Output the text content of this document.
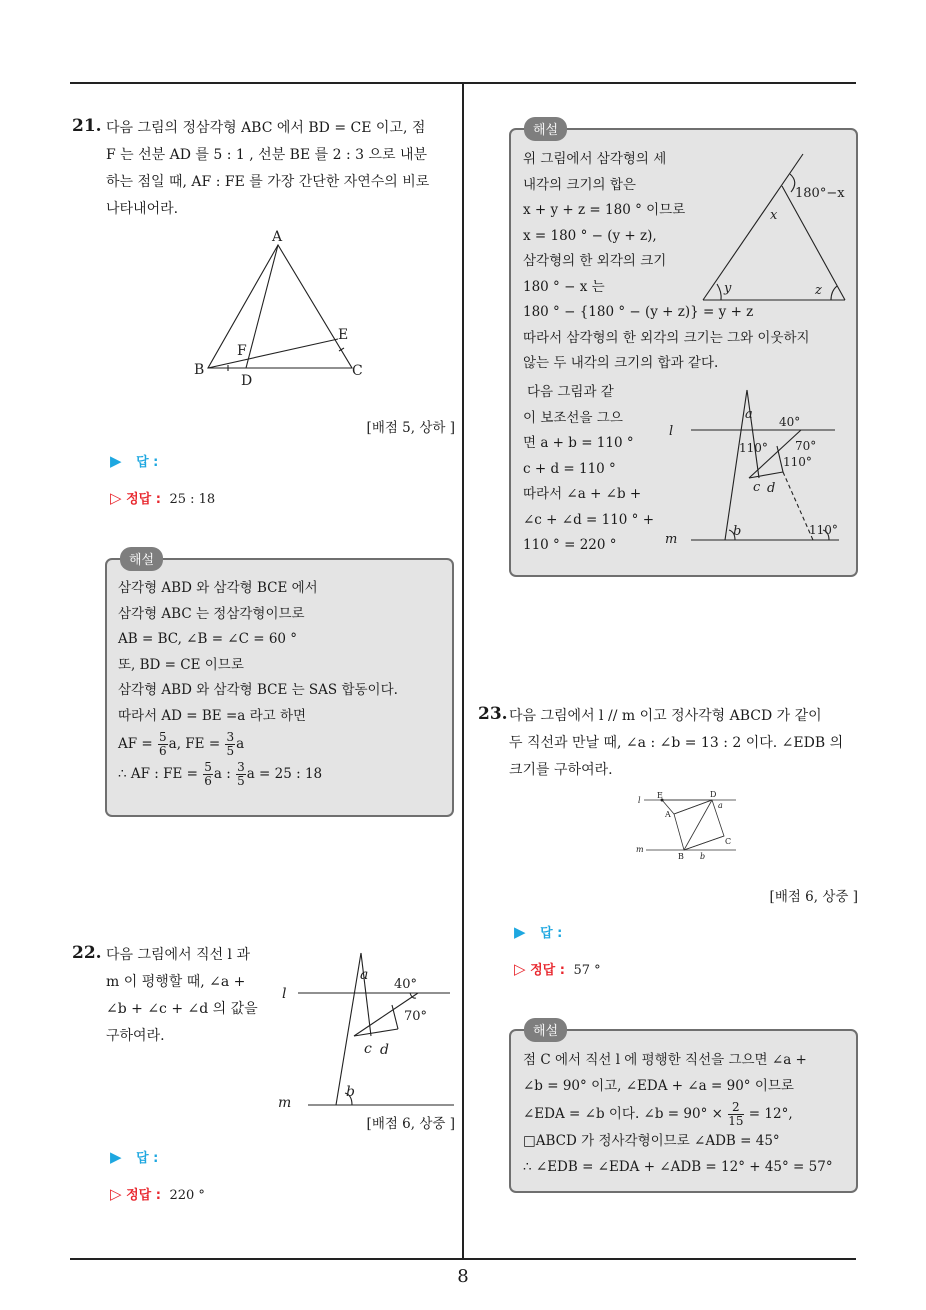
21. 다음 그림의 정삼각형 ABC 에서 BD = CE 이고, 점
F 는 선분 AD 를 5 : 1 , 선분 BE 를 2 : 3 으로 내분
하는 점일 때, AF : FE 를 가장 간단한 자연수의 비로
나타내어라.
A
B	C
D
E
F
[배점 5, 상하 ]
▶ 답 :
▷ 정답 : 25 : 18
해설
삼각형 ABD 와 삼각형 BCE 에서
삼각형 ABC 는 정삼각형이므로
AB = BC, ∠B = ∠C = 60 °
또, BD = CE 이므로
삼각형 ABD 와 삼각형 BCE 는 SAS 합동이다.
따라서 AD = BE =a 라고 하면
AF = $\frac{5}{6} a$, FE = $\frac{3}{5}$ a
∴ AF : FE = $\frac{5}{6}$ a : $\frac{3}{5}$ a = 25 : 18
22. 다음 그림에서 직선 l 과
m 이 평행할 때, ∠a +
∠b + ∠c + ∠d 의 값을
구하여라.
l
m
a
b
c d
40°
70°
[배점 6, 상중 ]
▶ 답 :
▷ 정답 : 220 °
해설
위 그림에서 삼각형의 세
내각의 크기의 합은
x + y + z = 180 ° 이므로
x = 180 ° − (y + z),
삼각형의 한 외각의 크기
180 ° − x 는
180 ° − {180 ° − (y + z)} = y + z
따라서 삼각형의 한 외각의 크기는 그와 이웃하지
않는 두 내각의 크기의 합과 같다.
다음 그림과 같
이 보조선을 그으
면 a + b = 110 °
c + d = 110 °
따라서 ∠a + ∠b +
∠c + ∠d = 110 ° +
110 ° = 220 °
180°−x
x
y	z
l
m
a
b
c d
40°
70°
110°
110°
110°
23. 다음 그림에서 l // m 이고 정사각형 ABCD 가 같이
두 직선과 만날 때, ∠a : ∠b = 13 : 2 이다. ∠EDB 의
크기를 구하여라.
E	D
A
C
B
l
m
a
b
[배점 6, 상중 ]
▶ 답 :
▷ 정답 : 57 °
해설
점 C 에서 직선 l 에 평행한 직선을 그으면 ∠a +
∠b = 90° 이고, ∠EDA + ∠a = 90° 이므로
∠EDA = ∠b 이다. ∠b = $90^\circ \times \frac{2}{15} = 12^\circ$,
□ABCD 가 정사각형이므로 ∠ADB = 45°
∴ ∠EDB = ∠EDA + ∠ADB = 12° + 45° = 57°
8
